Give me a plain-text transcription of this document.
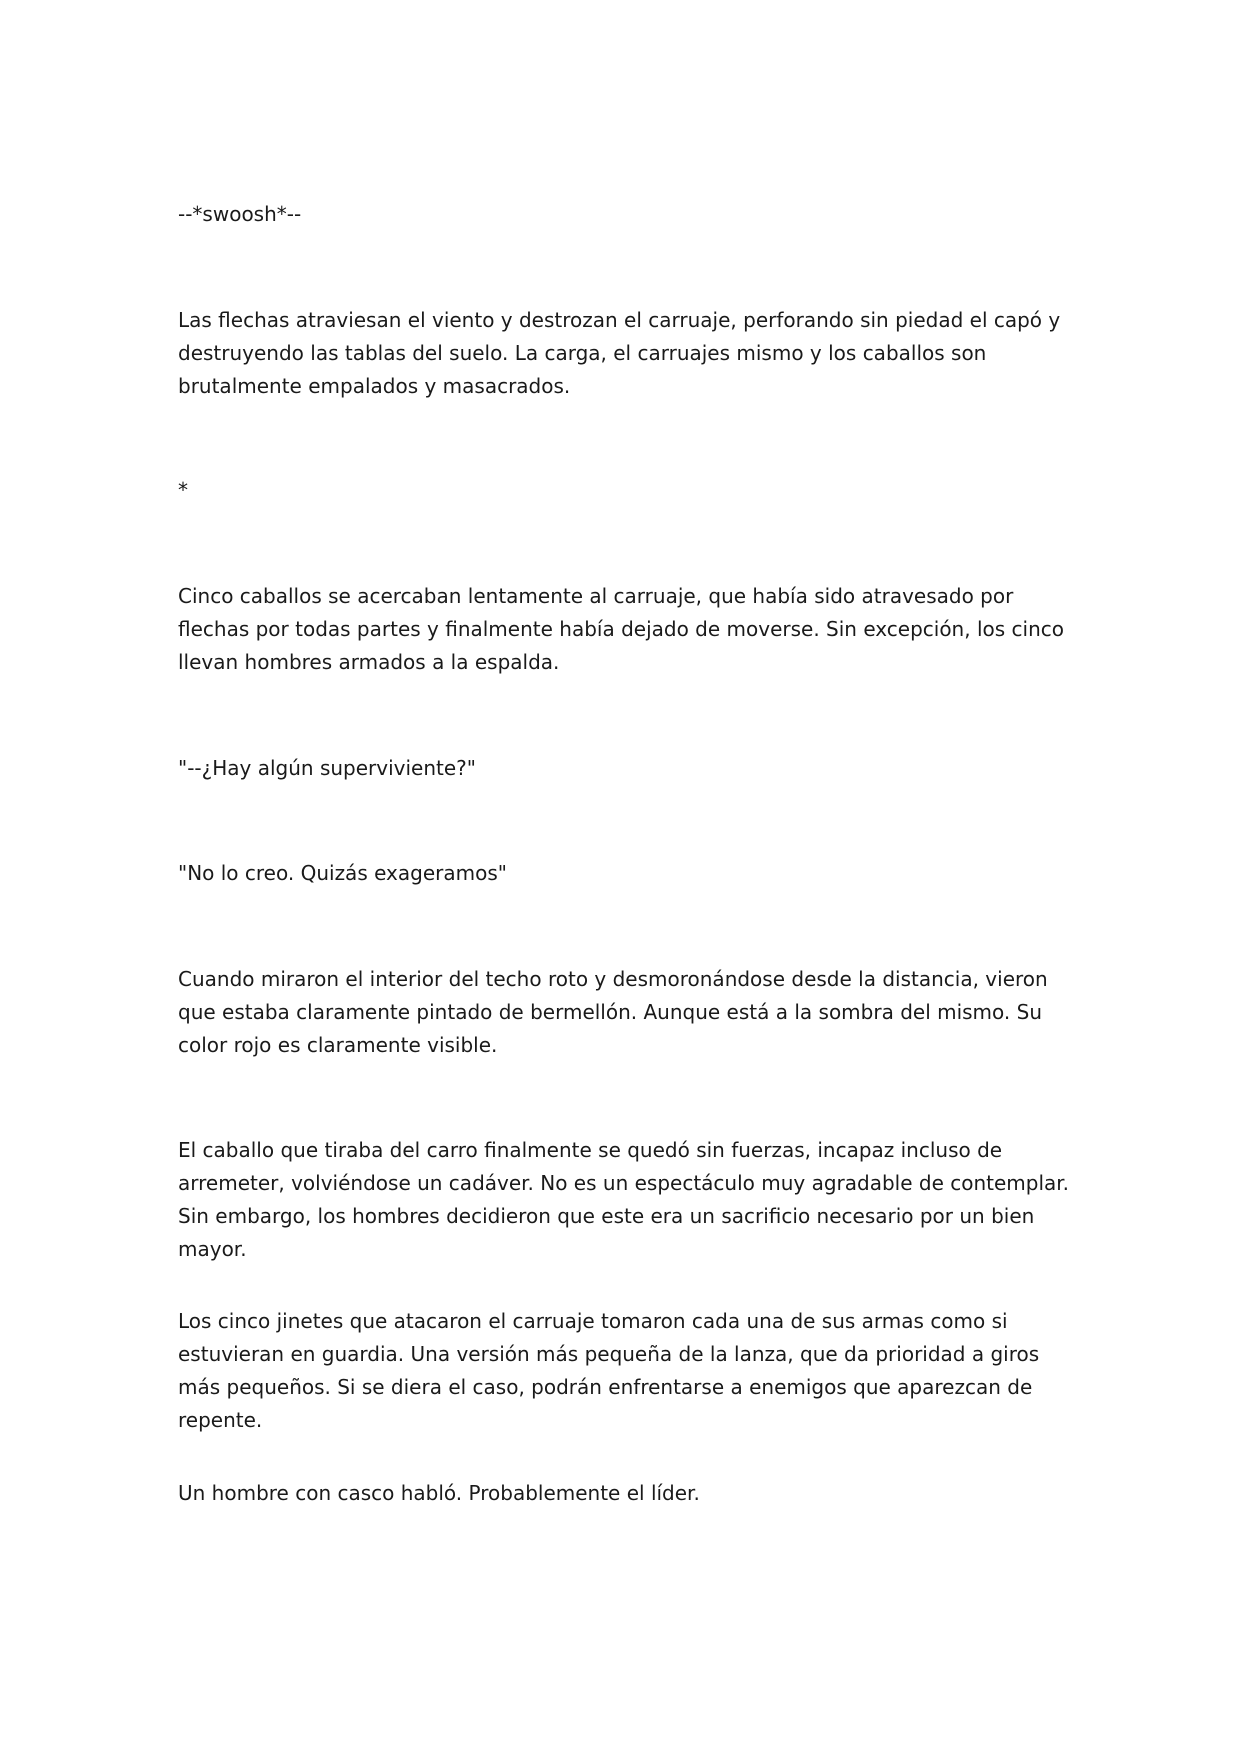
--*swoosh*--

Las flechas atraviesan el viento y destrozan el carruaje, perforando sin piedad el capó y destruyendo las tablas del suelo. La carga, el carruajes mismo y los caballos son brutalmente empalados y masacrados.

*

Cinco caballos se acercaban lentamente al carruaje, que había sido atravesado por flechas por todas partes y finalmente había dejado de moverse. Sin excepción, los cinco llevan hombres armados a la espalda.

"--¿Hay algún superviviente?"

"No lo creo. Quizás exageramos"

Cuando miraron el interior del techo roto y desmoronándose desde la distancia, vieron que estaba claramente pintado de bermellón. Aunque está a la sombra del mismo. Su color rojo es claramente visible.

El caballo que tiraba del carro finalmente se quedó sin fuerzas, incapaz incluso de arremeter, volviéndose un cadáver. No es un espectáculo muy agradable de contemplar. Sin embargo, los hombres decidieron que este era un sacrificio necesario por un bien mayor.

Los cinco jinetes que atacaron el carruaje tomaron cada una de sus armas como si estuvieran en guardia. Una versión más pequeña de la lanza, que da prioridad a giros más pequeños. Si se diera el caso, podrán enfrentarse a enemigos que aparezcan de repente.

Un hombre con casco habló. Probablemente el líder.
